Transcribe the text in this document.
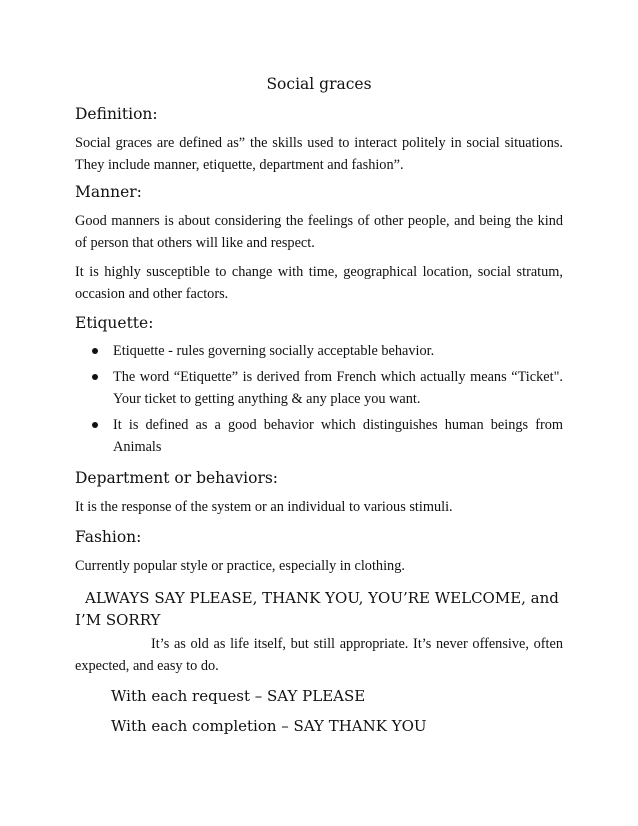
Social graces
Definition:
Social graces are defined as” the skills used to interact politely in social situations. They include manner, etiquette, department and fashion”.
Manner:
Good manners is about considering the feelings of other people, and being the kind of person that others will like and respect.
It is highly susceptible to change with time, geographical location, social stratum, occasion and other factors.
Etiquette:
Etiquette - rules governing socially acceptable behavior.
The word “Etiquette” is derived from French which actually means “Ticket". Your ticket to getting anything & any place you want.
It is defined as a good behavior which distinguishes human beings from Animals
Department or behaviors:
It is the response of the system or an individual to various stimuli.
Fashion:
Currently popular style or practice, especially in clothing.
ALWAYS SAY PLEASE, THANK YOU, YOU’RE WELCOME, and I’M SORRY
It’s as old as life itself, but still appropriate. It’s never offensive, often expected, and easy to do.
With each request – SAY PLEASE
With each completion – SAY THANK YOU
